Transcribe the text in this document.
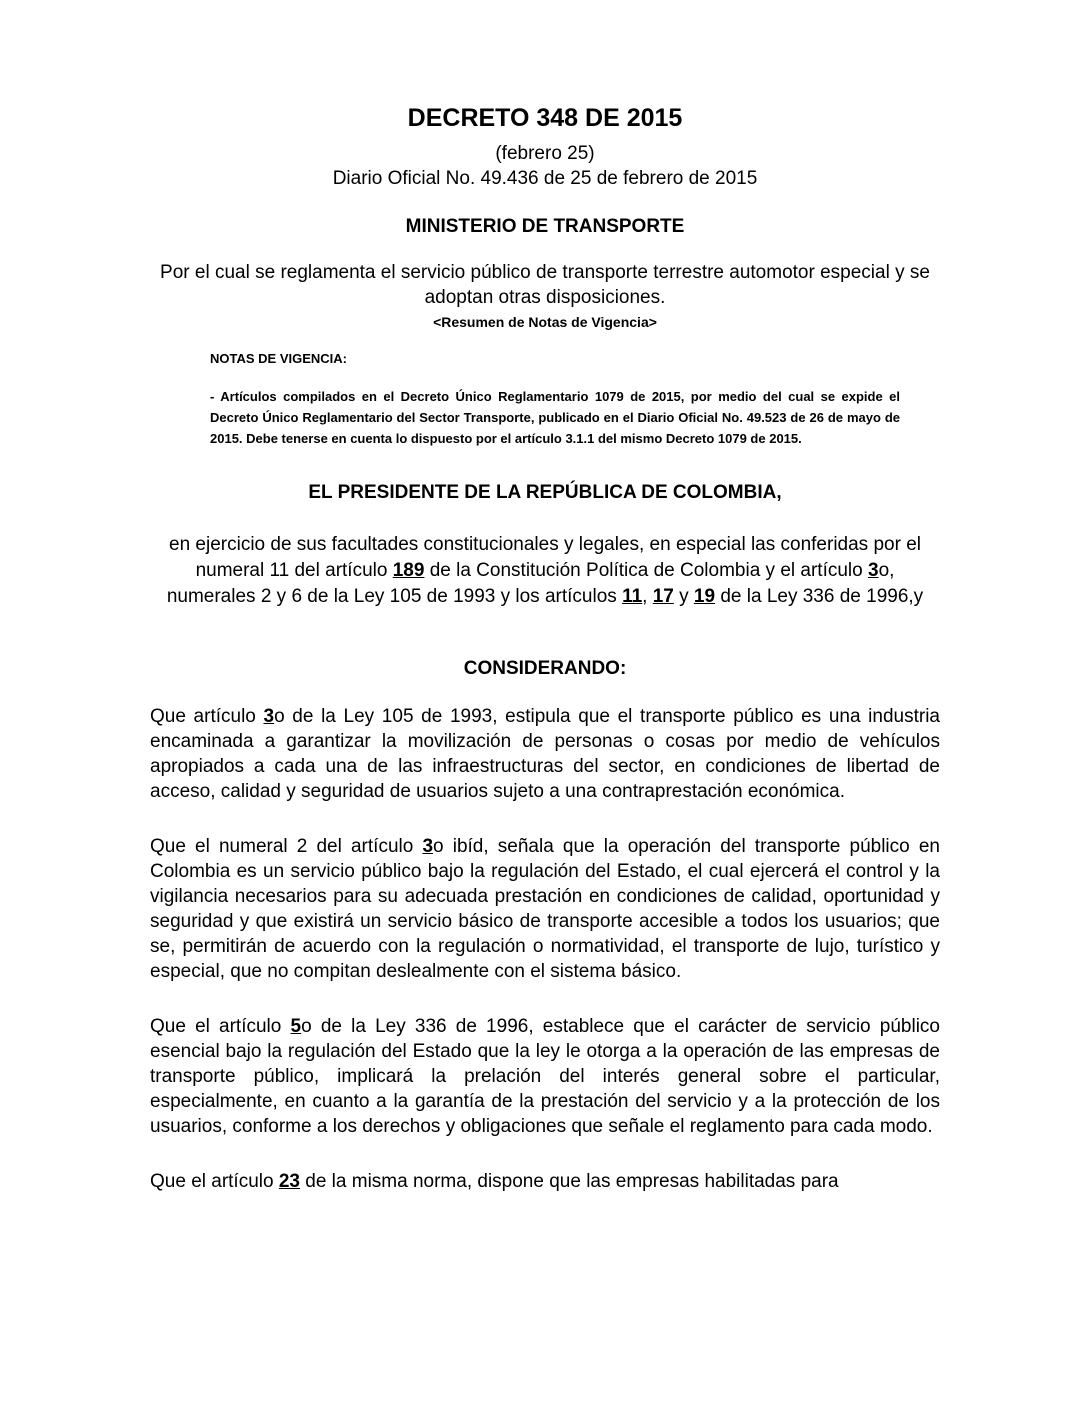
DECRETO 348 DE 2015
(febrero 25)
Diario Oficial No. 49.436 de 25 de febrero de 2015
MINISTERIO DE TRANSPORTE
Por el cual se reglamenta el servicio público de transporte terrestre automotor especial y se adoptan otras disposiciones.
<Resumen de Notas de Vigencia>
NOTAS DE VIGENCIA:
- Artículos compilados en el Decreto Único Reglamentario 1079 de 2015, por medio del cual se expide el Decreto Único Reglamentario del Sector Transporte, publicado en el Diario Oficial No. 49.523 de 26 de mayo de 2015. Debe tenerse en cuenta lo dispuesto por el artículo 3.1.1 del mismo Decreto 1079 de 2015.
EL PRESIDENTE DE LA REPÚBLICA DE COLOMBIA,
en ejercicio de sus facultades constitucionales y legales, en especial las conferidas por el numeral 11 del artículo 189 de la Constitución Política de Colombia y el artículo 3o, numerales 2 y 6 de la Ley 105 de 1993 y los artículos 11, 17 y 19 de la Ley 336 de 1996,y
CONSIDERANDO:
Que artículo 3o de la Ley 105 de 1993, estipula que el transporte público es una industria encaminada a garantizar la movilización de personas o cosas por medio de vehículos apropiados a cada una de las infraestructuras del sector, en condiciones de libertad de acceso, calidad y seguridad de usuarios sujeto a una contraprestación económica.
Que el numeral 2 del artículo 3o ibíd, señala que la operación del transporte público en Colombia es un servicio público bajo la regulación del Estado, el cual ejercerá el control y la vigilancia necesarios para su adecuada prestación en condiciones de calidad, oportunidad y seguridad y que existirá un servicio básico de transporte accesible a todos los usuarios; que se, permitirán de acuerdo con la regulación o normatividad, el transporte de lujo, turístico y especial, que no compitan deslealmente con el sistema básico.
Que el artículo 5o de la Ley 336 de 1996, establece que el carácter de servicio público esencial bajo la regulación del Estado que la ley le otorga a la operación de las empresas de transporte público, implicará la prelación del interés general sobre el particular, especialmente, en cuanto a la garantía de la prestación del servicio y a la protección de los usuarios, conforme a los derechos y obligaciones que señale el reglamento para cada modo.
Que el artículo 23 de la misma norma, dispone que las empresas habilitadas para
